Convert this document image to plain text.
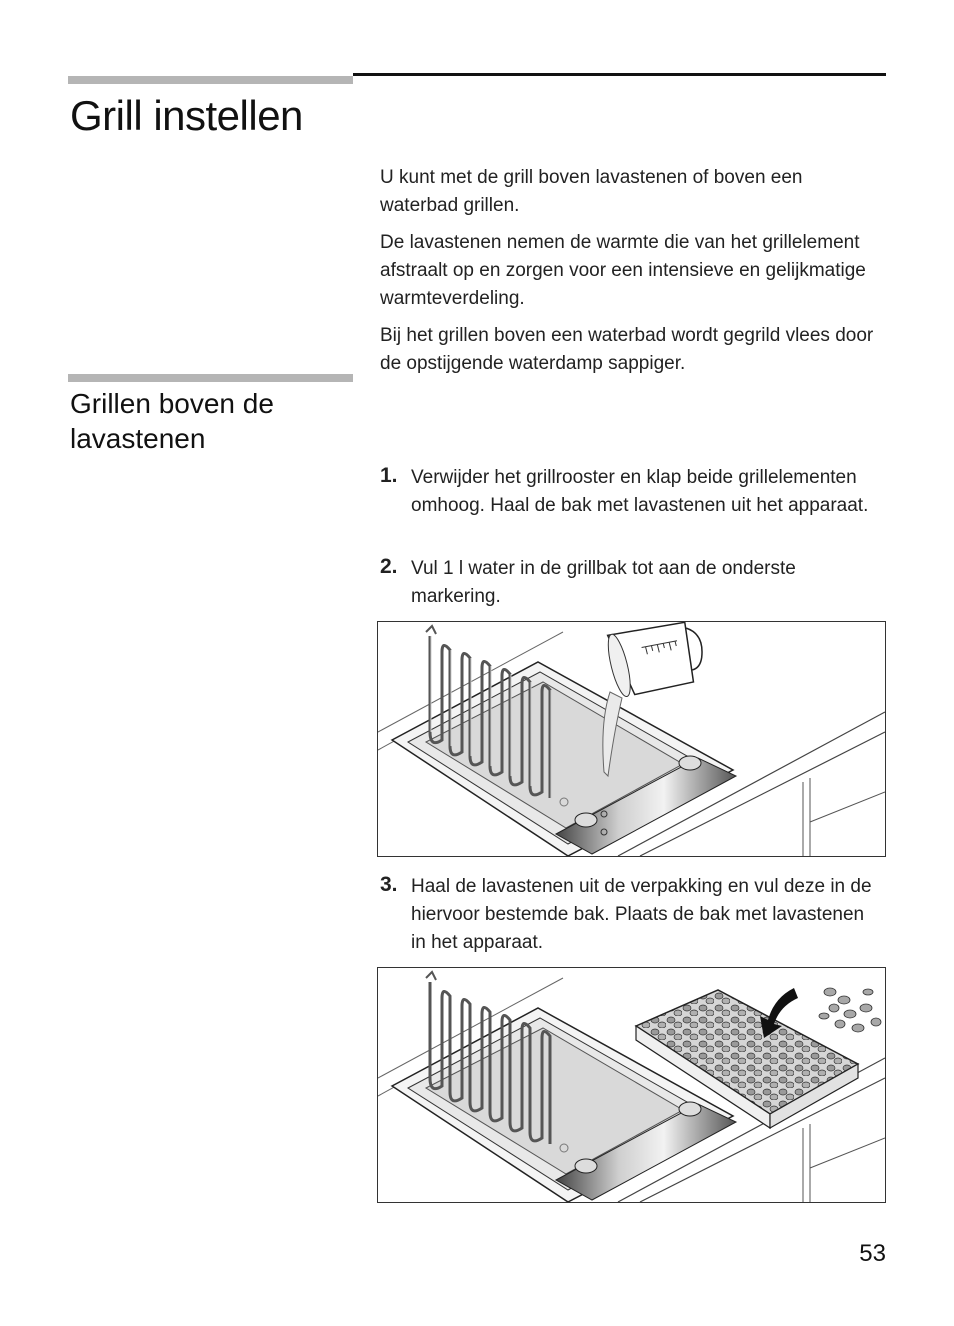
Grill instellen

U kunt met de grill boven lavastenen of boven een waterbad grillen.

De lavastenen nemen de warmte die van het grillelement afstraalt op en zorgen voor een intensieve en gelijkmatige warmteverdeling.

Bij het grillen boven een waterbad wordt gegrild vlees door de opstijgende waterdamp sappiger.

Grillen boven de lavastenen
1. Verwijder het grillrooster en klap beide grillelementen omhoog. Haal de bak met lavastenen uit het apparaat.
2. Vul 1 l water in de grillbak tot aan de onderste markering.
3. Haal de lavastenen uit de verpakking en vul deze in de hiervoor bestemde bak. Plaats de bak met lavastenen in het apparaat.
53
